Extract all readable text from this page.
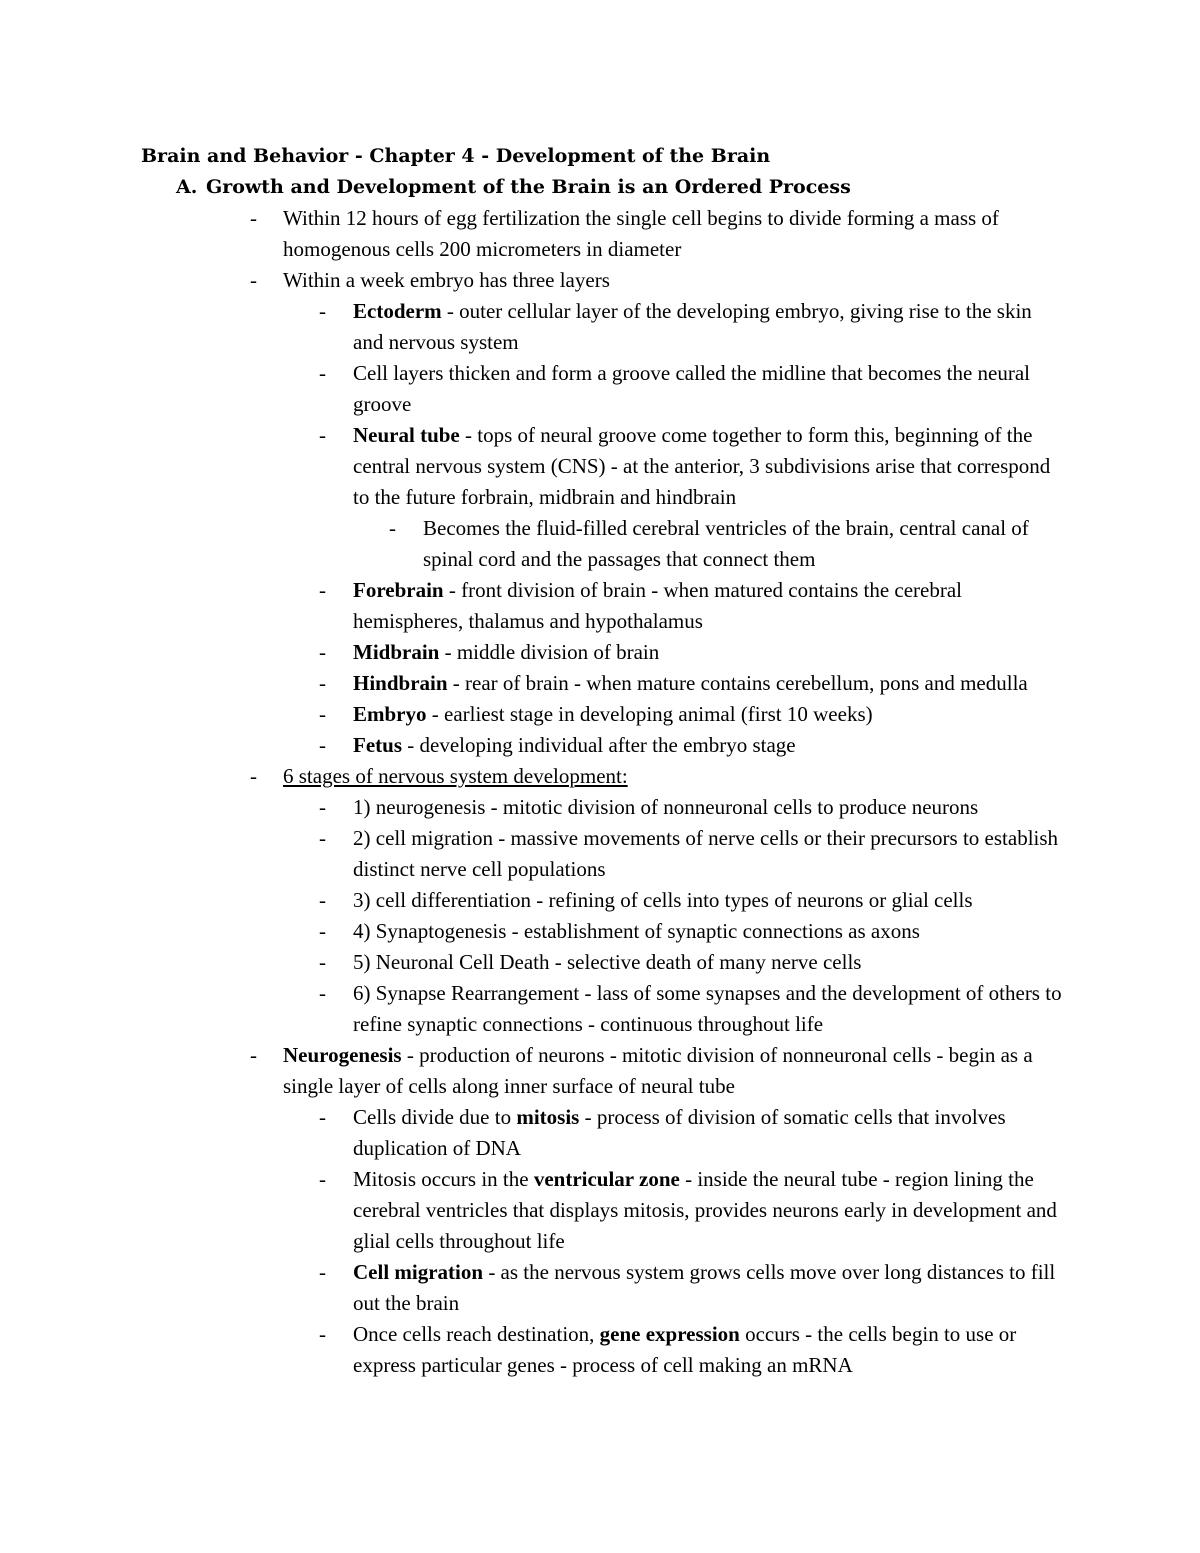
Brain and Behavior - Chapter 4 - Development of the Brain
A. Growth and Development of the Brain is an Ordered Process
- Within 12 hours of egg fertilization the single cell begins to divide forming a mass of homogenous cells 200 micrometers in diameter
- Within a week embryo has three layers
- Ectoderm - outer cellular layer of the developing embryo, giving rise to the skin and nervous system
- Cell layers thicken and form a groove called the midline that becomes the neural groove
- Neural tube - tops of neural groove come together to form this, beginning of the central nervous system (CNS) - at the anterior, 3 subdivisions arise that correspond to the future forbrain, midbrain and hindbrain
- Becomes the fluid-filled cerebral ventricles of the brain, central canal of spinal cord and the passages that connect them
- Forebrain - front division of brain - when matured contains the cerebral hemispheres, thalamus and hypothalamus
- Midbrain - middle division of brain
- Hindbrain - rear of brain - when mature contains cerebellum, pons and medulla
- Embryo - earliest stage in developing animal (first 10 weeks)
- Fetus - developing individual after the embryo stage
- 6 stages of nervous system development:
- 1) neurogenesis - mitotic division of nonneuronal cells to produce neurons
- 2) cell migration - massive movements of nerve cells or their precursors to establish distinct nerve cell populations
- 3) cell differentiation - refining of cells into types of neurons or glial cells
- 4) Synaptogenesis - establishment of synaptic connections as axons
- 5) Neuronal Cell Death - selective death of many nerve cells
- 6) Synapse Rearrangement - lass of some synapses and the development of others to refine synaptic connections - continuous throughout life
- Neurogenesis - production of neurons - mitotic division of nonneuronal cells - begin as a single layer of cells along inner surface of neural tube
- Cells divide due to mitosis - process of division of somatic cells that involves duplication of DNA
- Mitosis occurs in the ventricular zone - inside the neural tube - region lining the cerebral ventricles that displays mitosis, provides neurons early in development and glial cells throughout life
- Cell migration - as the nervous system grows cells move over long distances to fill out the brain
- Once cells reach destination, gene expression occurs - the cells begin to use or express particular genes - process of cell making an mRNA
